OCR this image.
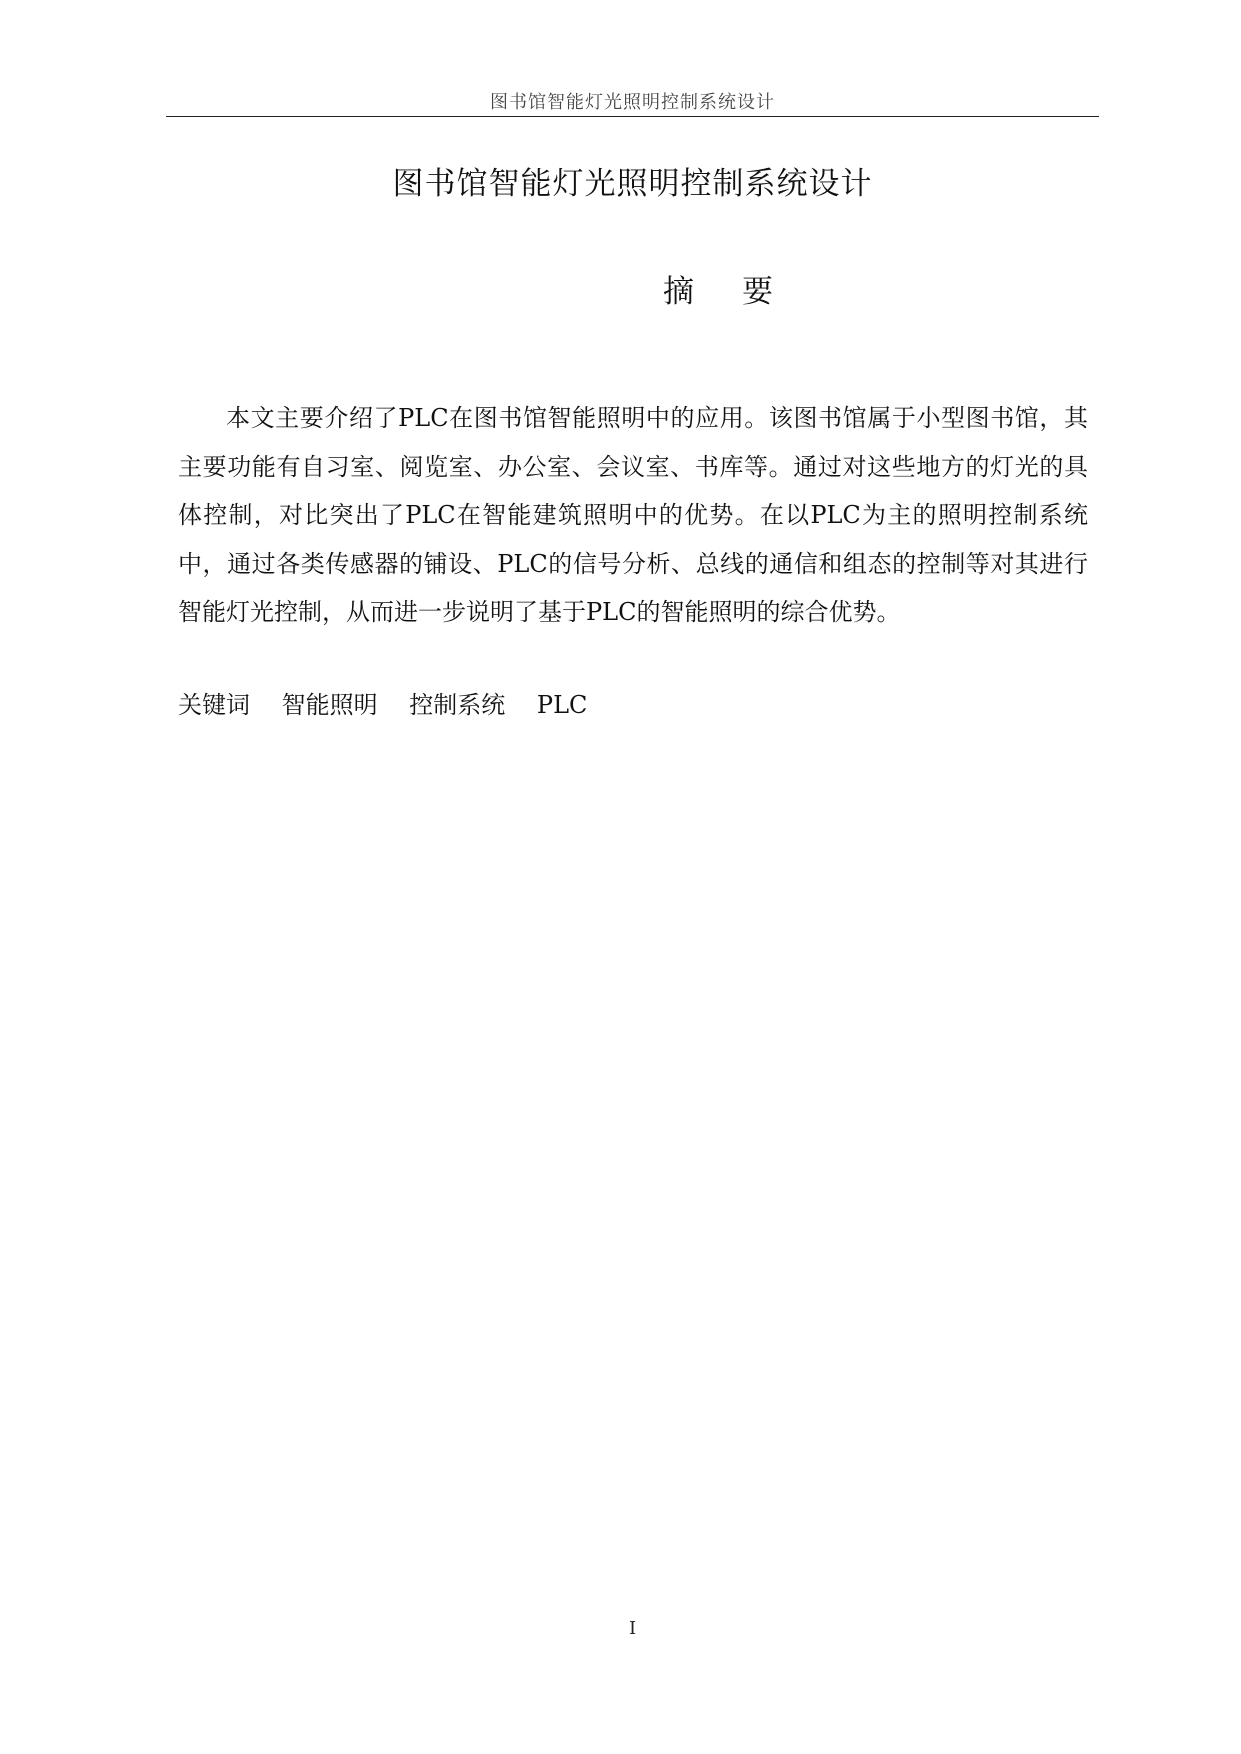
图书馆智能灯光照明控制系统设计
图书馆智能灯光照明控制系统设计
摘要

本文主要介绍了PLC在图书馆智能照明中的应用。该图书馆属于小型图书馆，其主要功能有自习室、阅览室、办公室、会议室、书库等。通过对这些地方的灯光的具体控制，对比突出了PLC在智能建筑照明中的优势。在以PLC为主的照明控制系统中，通过各类传感器的铺设、PLC的信号分析、总线的通信和组态的控制等对其进行智能灯光控制，从而进一步说明了基于PLC的智能照明的综合优势。

关键词 智能照明 控制系统 PLC
I
